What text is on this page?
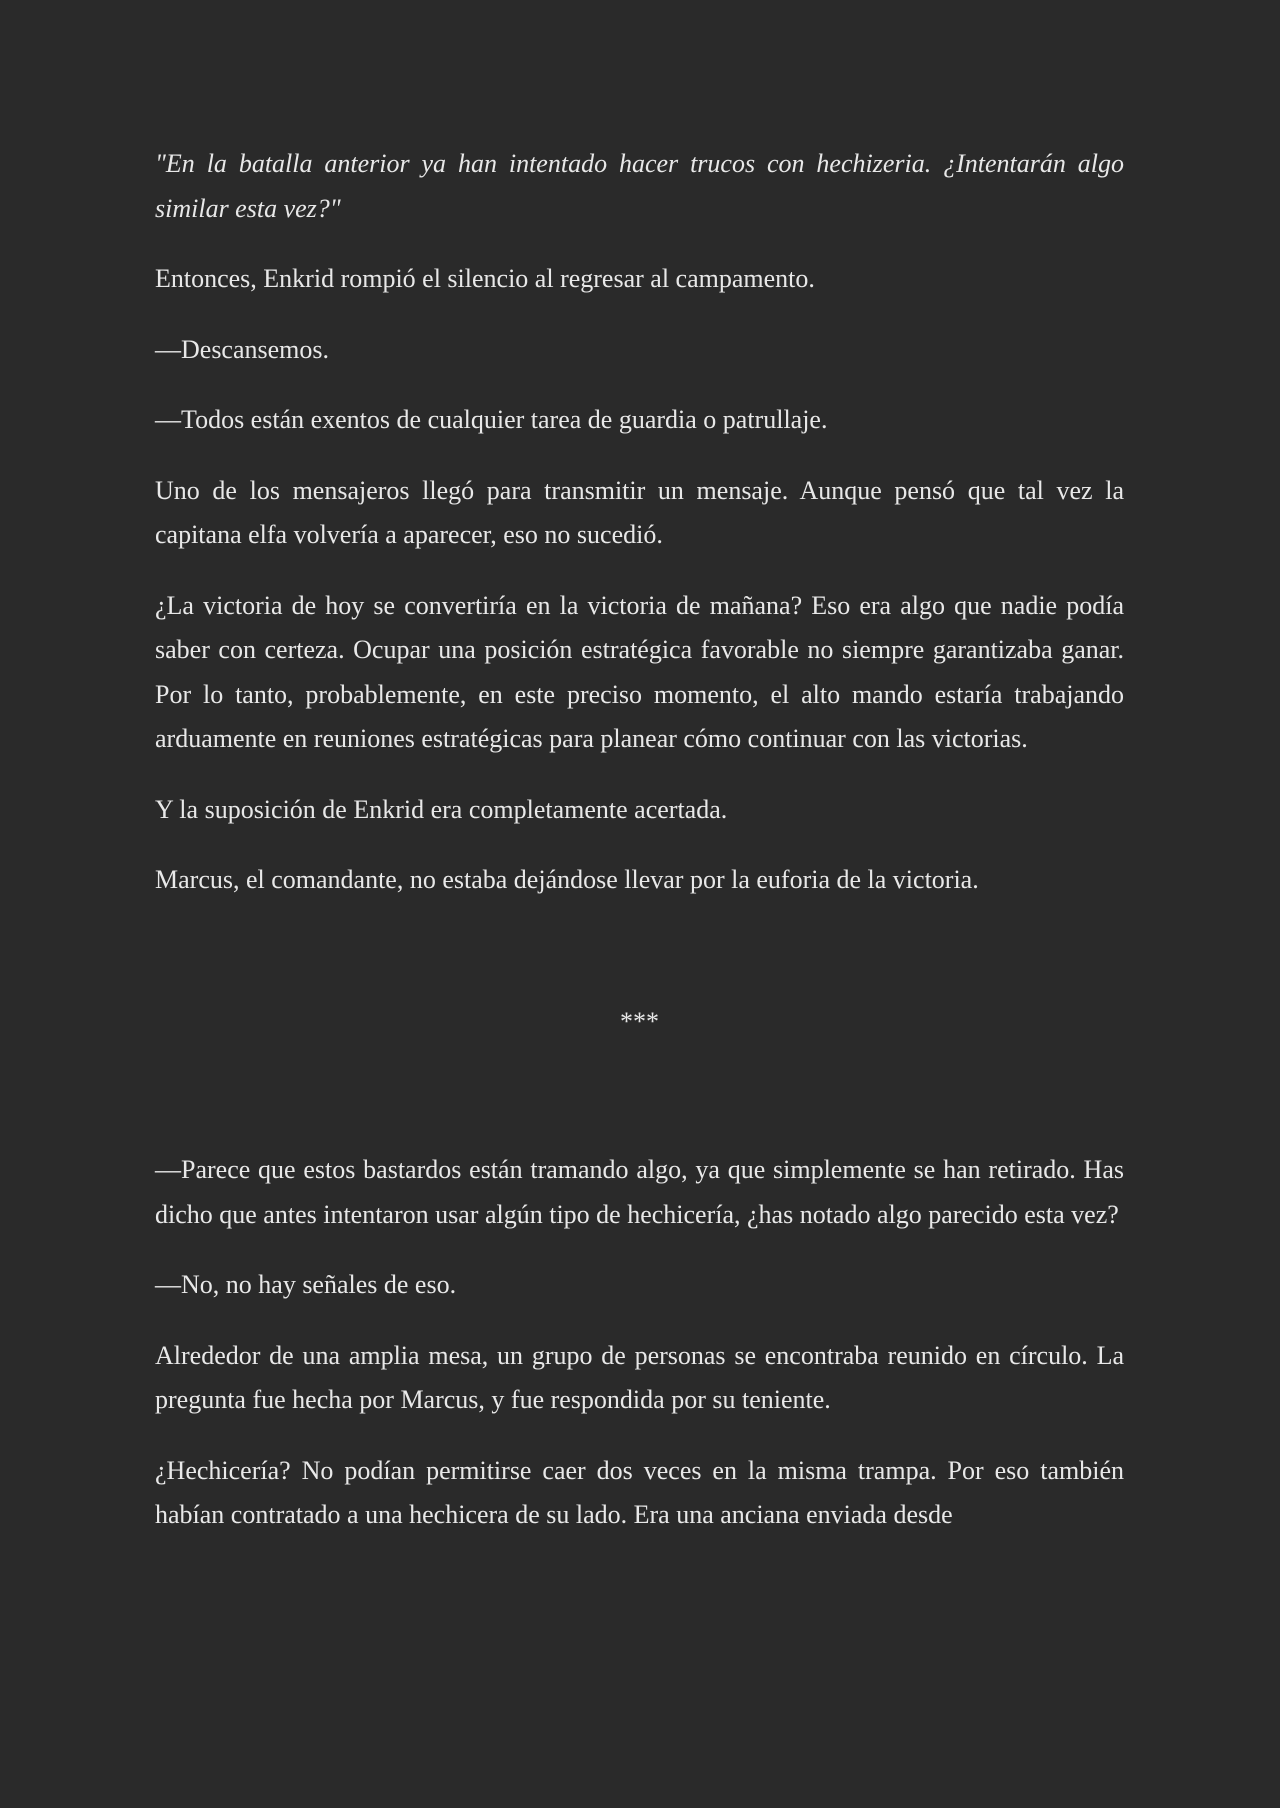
"En la batalla anterior ya han intentado hacer trucos con hechizeria. ¿Intentarán algo similar esta vez?"

Entonces, Enkrid rompió el silencio al regresar al campamento.

—Descansemos.

—Todos están exentos de cualquier tarea de guardia o patrullaje.

Uno de los mensajeros llegó para transmitir un mensaje. Aunque pensó que tal vez la capitana elfa volvería a aparecer, eso no sucedió.

¿La victoria de hoy se convertiría en la victoria de mañana? Eso era algo que nadie podía saber con certeza. Ocupar una posición estratégica favorable no siempre garantizaba ganar. Por lo tanto, probablemente, en este preciso momento, el alto mando estaría trabajando arduamente en reuniones estratégicas para planear cómo continuar con las victorias.

Y la suposición de Enkrid era completamente acertada.

Marcus, el comandante, no estaba dejándose llevar por la euforia de la victoria.

***

—Parece que estos bastardos están tramando algo, ya que simplemente se han retirado. Has dicho que antes intentaron usar algún tipo de hechicería, ¿has notado algo parecido esta vez?

—No, no hay señales de eso.

Alrededor de una amplia mesa, un grupo de personas se encontraba reunido en círculo. La pregunta fue hecha por Marcus, y fue respondida por su teniente.

¿Hechicería? No podían permitirse caer dos veces en la misma trampa. Por eso también habían contratado a una hechicera de su lado. Era una anciana enviada desde
